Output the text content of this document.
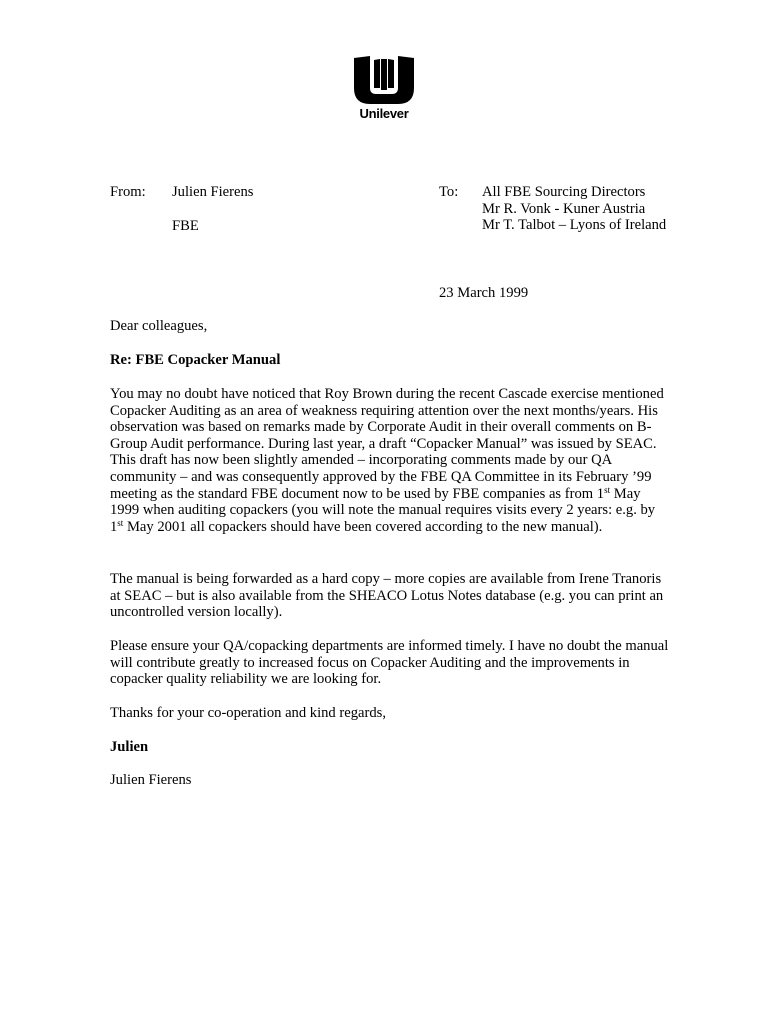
Unilever
From: Julien Fierens
FBE
To: All FBE Sourcing Directors
Mr R. Vonk - Kuner Austria
Mr T. Talbot – Lyons of Ireland
23 March 1999
Dear colleagues,
Re: FBE Copacker Manual

You may no doubt have noticed that Roy Brown during the recent Cascade exercise mentioned Copacker Auditing as an area of weakness requiring attention over the next months/years. His observation was based on remarks made by Corporate Audit in their overall comments on B-Group Audit performance. During last year, a draft “Copacker Manual” was issued by SEAC. This draft has now been slightly amended – incorporating comments made by our QA community – and was consequently approved by the FBE QA Committee in its February ’99 meeting as the standard FBE document now to be used by FBE companies as from 1st May 1999 when auditing copackers (you will note the manual requires visits every 2 years: e.g. by 1st May 2001 all copackers should have been covered according to the new manual).

The manual is being forwarded as a hard copy – more copies are available from Irene Tranoris at SEAC – but is also available from the SHEACO Lotus Notes database (e.g. you can print an uncontrolled version locally).

Please ensure your QA/copacking departments are informed timely. I have no doubt the manual will contribute greatly to increased focus on Copacker Auditing and the improvements in copacker quality reliability we are looking for.

Thanks for your co-operation and kind regards,
Julien
Julien Fierens
